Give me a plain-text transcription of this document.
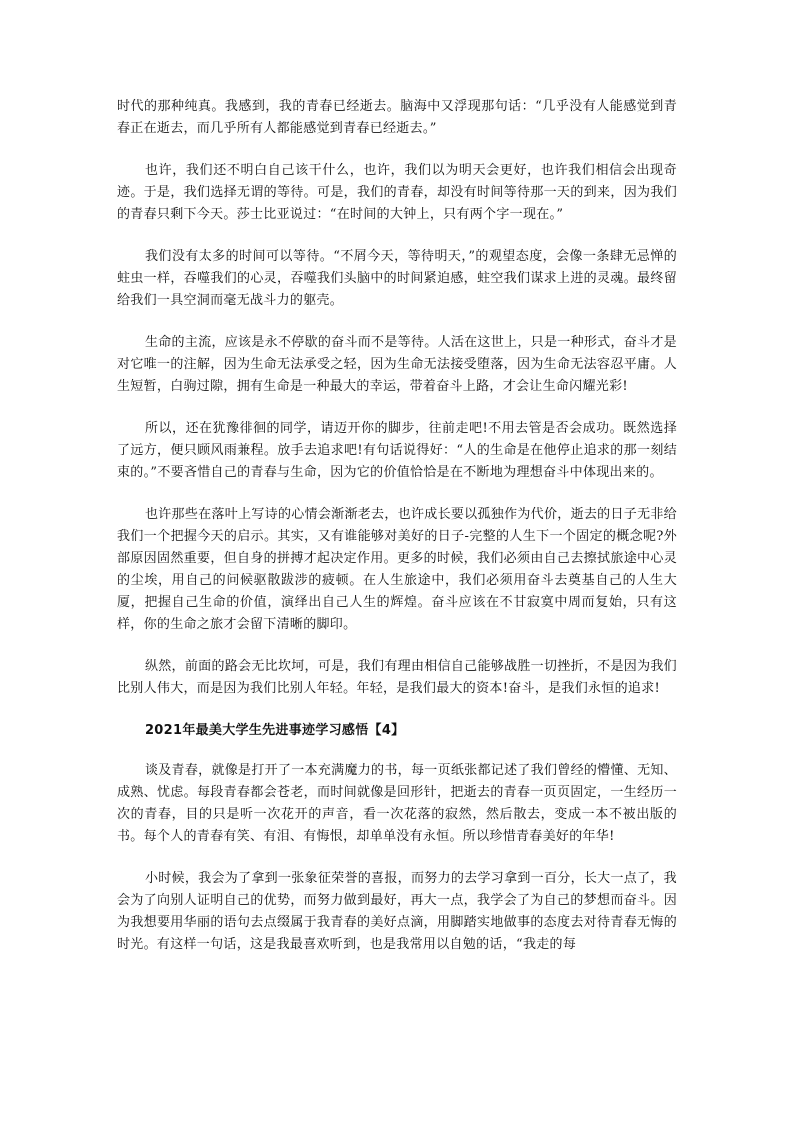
时代的那种纯真。我感到，我的青春已经逝去。脑海中又浮现那句话：“几乎没有人能感觉到青春正在逝去，而几乎所有人都能感觉到青春已经逝去。”

也许，我们还不明白自己该干什么，也许，我们以为明天会更好，也许我们相信会出现奇迹。于是，我们选择无谓的等待。可是，我们的青春，却没有时间等待那一天的到来，因为我们的青春只剩下今天。莎士比亚说过：“在时间的大钟上，只有两个字一现在。”

我们没有太多的时间可以等待。“不屑今天，等待明天，”的观望态度，会像一条肆无忌惮的蛀虫一样，吞噬我们的心灵，吞噬我们头脑中的时间紧迫感，蛀空我们谋求上进的灵魂。最终留给我们一具空洞而毫无战斗力的躯壳。

生命的主流，应该是永不停歇的奋斗而不是等待。人活在这世上，只是一种形式，奋斗才是对它唯一的注解，因为生命无法承受之轻，因为生命无法接受堕落，因为生命无法容忍平庸。人生短暂，白驹过隙，拥有生命是一种最大的幸运，带着奋斗上路，才会让生命闪耀光彩!

所以，还在犹豫徘徊的同学，请迈开你的脚步，往前走吧!不用去管是否会成功。既然选择了远方，便只顾风雨兼程。放手去追求吧!有句话说得好：“人的生命是在他停止追求的那一刻结束的。”不要吝惜自己的青春与生命，因为它的价值恰恰是在不断地为理想奋斗中体现出来的。

也许那些在落叶上写诗的心情会渐渐老去，也许成长要以孤独作为代价，逝去的日子无非给我们一个把握今天的启示。其实，又有谁能够对美好的日子-完整的人生下一个固定的概念呢?外部原因固然重要，但自身的拼搏才起决定作用。更多的时候，我们必须由自己去擦拭旅途中心灵的尘埃，用自己的问候驱散跋涉的疲顿。在人生旅途中，我们必须用奋斗去奠基自己的人生大厦，把握自己生命的价值，演绎出自己人生的辉煌。奋斗应该在不甘寂寞中周而复始，只有这样，你的生命之旅才会留下清晰的脚印。

纵然，前面的路会无比坎坷，可是，我们有理由相信自己能够战胜一切挫折，不是因为我们比别人伟大，而是因为我们比别人年轻。年轻，是我们最大的资本!奋斗，是我们永恒的追求!

2021年最美大学生先进事迹学习感悟【4】

谈及青春，就像是打开了一本充满魔力的书，每一页纸张都记述了我们曾经的懵懂、无知、成熟、忧虑。每段青春都会苍老，而时间就像是回形针，把逝去的青春一页页固定，一生经历一次的青春，目的只是听一次花开的声音，看一次花落的寂然，然后散去，变成一本不被出版的书。每个人的青春有笑、有泪、有悔恨，却单单没有永恒。所以珍惜青春美好的年华!

小时候，我会为了拿到一张象征荣誉的喜报，而努力的去学习拿到一百分，长大一点了，我会为了向别人证明自己的优势，而努力做到最好，再大一点，我学会了为自己的梦想而奋斗。因为我想要用华丽的语句去点缀属于我青春的美好点滴，用脚踏实地做事的态度去对待青春无悔的时光。有这样一句话，这是我最喜欢听到，也是我常用以自勉的话，“我走的每
